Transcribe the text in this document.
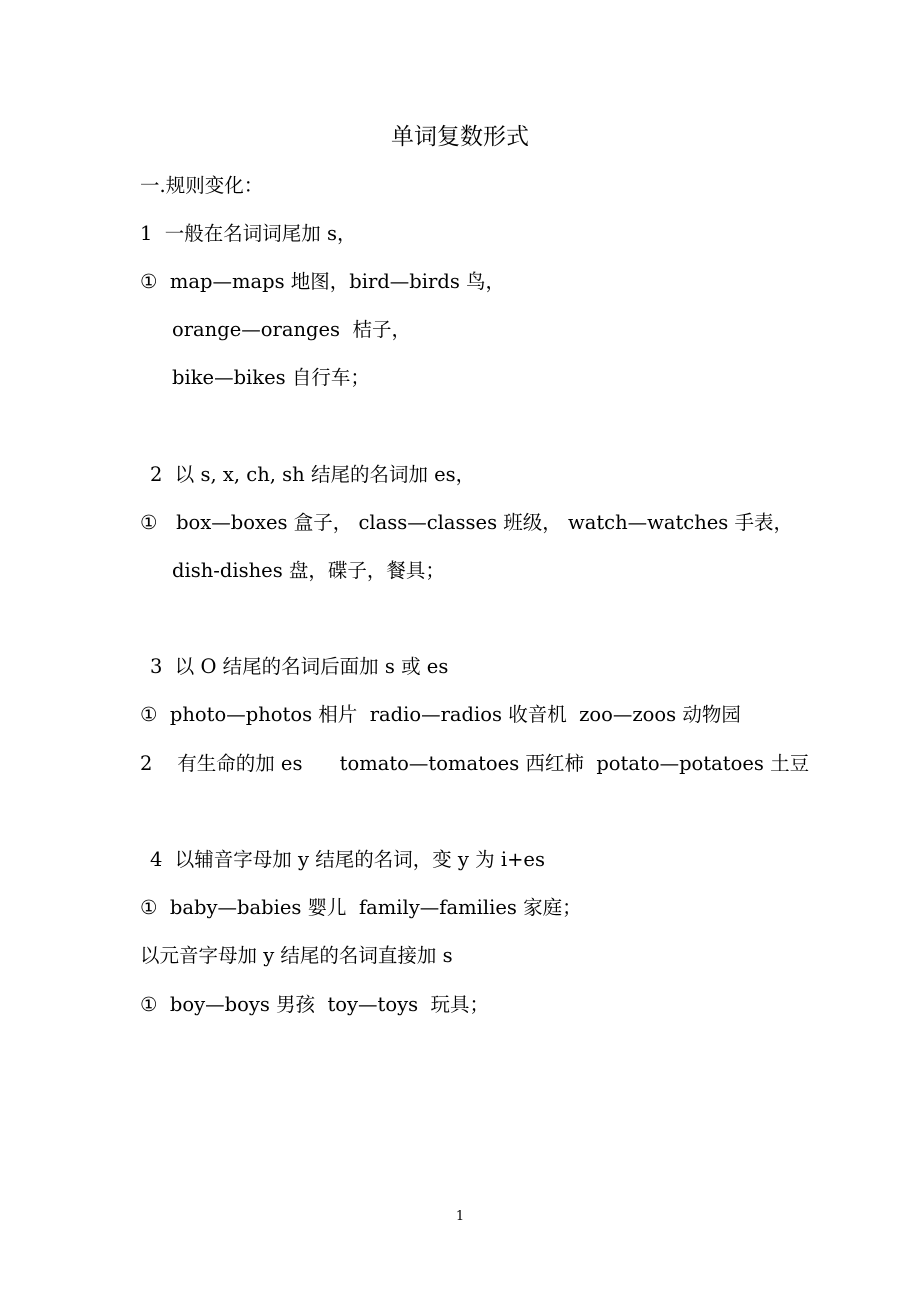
单词复数形式
一.规则变化：
1  一般在名词词尾加 s，
①  map—maps 地图，bird—birds 鸟，
orange—oranges  桔子，
bike—bikes 自行车；
2  以 s, x, ch, sh 结尾的名词加 es，
①   box—boxes 盒子， class—classes 班级， watch—watches 手表，
dish-dishes 盘，碟子，餐具；
3  以 O 结尾的名词后面加 s 或 es
①  photo—photos 相片  radio—radios 收音机  zoo—zoos 动物园
2    有生命的加 es      tomato—tomatoes 西红柿  potato—potatoes 土豆
4  以辅音字母加 y 结尾的名词，变 y 为 i+es
①  baby—babies 婴儿  family—families 家庭；
以元音字母加 y 结尾的名词直接加 s
①  boy—boys 男孩  toy—toys  玩具；
1
